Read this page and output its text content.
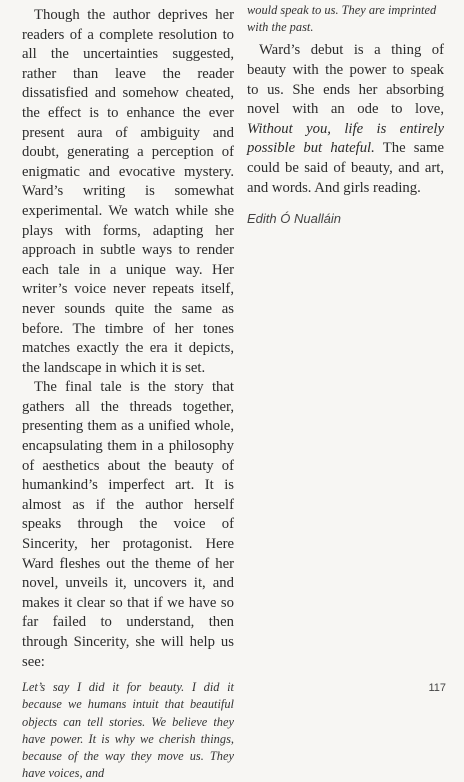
Though the author deprives her readers of a complete resolution to all the uncertainties suggested, rather than leave the reader dissatisfied and somehow cheated, the effect is to enhance the ever present aura of ambiguity and doubt, generating a perception of enigmatic and evocative mystery. Ward’s writing is somewhat experimental. We watch while she plays with forms, adapting her approach in subtle ways to render each tale in a unique way. Her writer’s voice never repeats itself, never sounds quite the same as before. The timbre of her tones matches exactly the era it depicts, the landscape in which it is set.

The final tale is the story that gathers all the threads together, presenting them as a unified whole, encapsulating them in a philosophy of aesthetics about the beauty of humankind’s imperfect art. It is almost as if the author herself speaks through the voice of Sincerity, her protagonist. Here Ward fleshes out the theme of her novel, unveils it, uncovers it, and makes it clear so that if we have so far failed to understand, then through Sincerity, she will help us see:

Let’s say I did it for beauty. I did it because we humans intuit that beautiful objects can tell stories. We believe they have power. It is why we cherish things, because of the way they move us. They have voices, and

would speak to us. They are imprinted with the past.

Ward’s debut is a thing of beauty with the power to speak to us. She ends her absorbing novel with an ode to love, Without you, life is entirely possible but hateful. The same could be said of beauty, and art, and words. And girls reading.

Edith Ó Nualláin
117
